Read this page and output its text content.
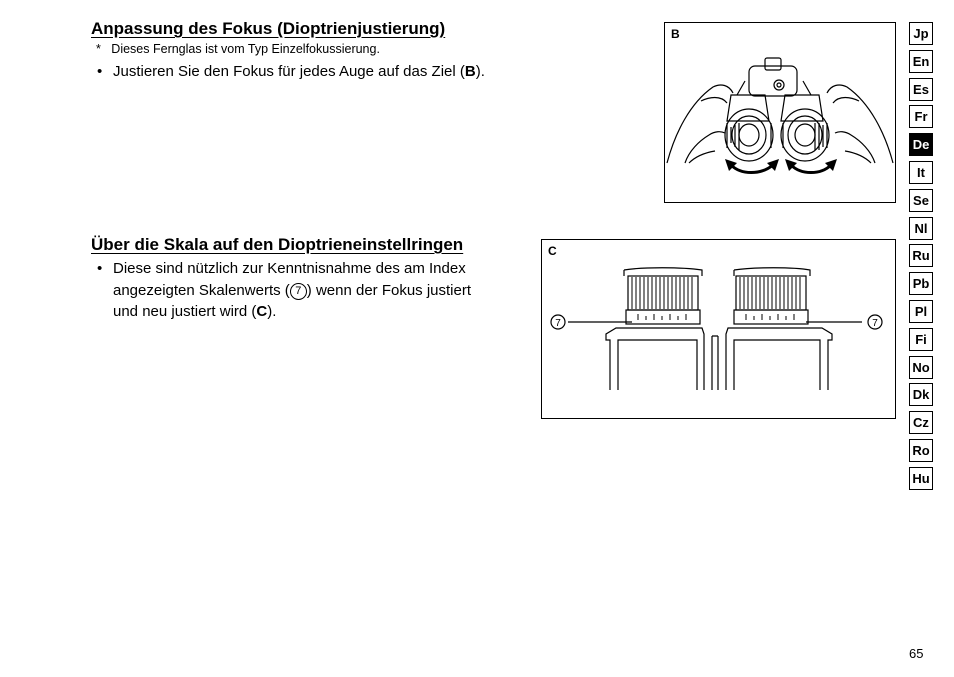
Anpassung des Fokus (Dioptrienjustierung)
* Dieses Fernglas ist vom Typ Einzelfokussierung.
• Justieren Sie den Fokus für jedes Auge auf das Ziel (B).
B
Über die Skala auf den Dioptrieneinstellringen
• Diese sind nützlich zur Kenntnisnahme des am Index
angezeigten Skalenwerts ( 7 ) wenn der Fokus justiert
und neu justiert wird (C).
C
7	7
Jp
En
Es
Fr
De
It
Se
Nl
Ru
Pb
Pl
Fi
No
Dk
Cz
Ro
Hu
65
